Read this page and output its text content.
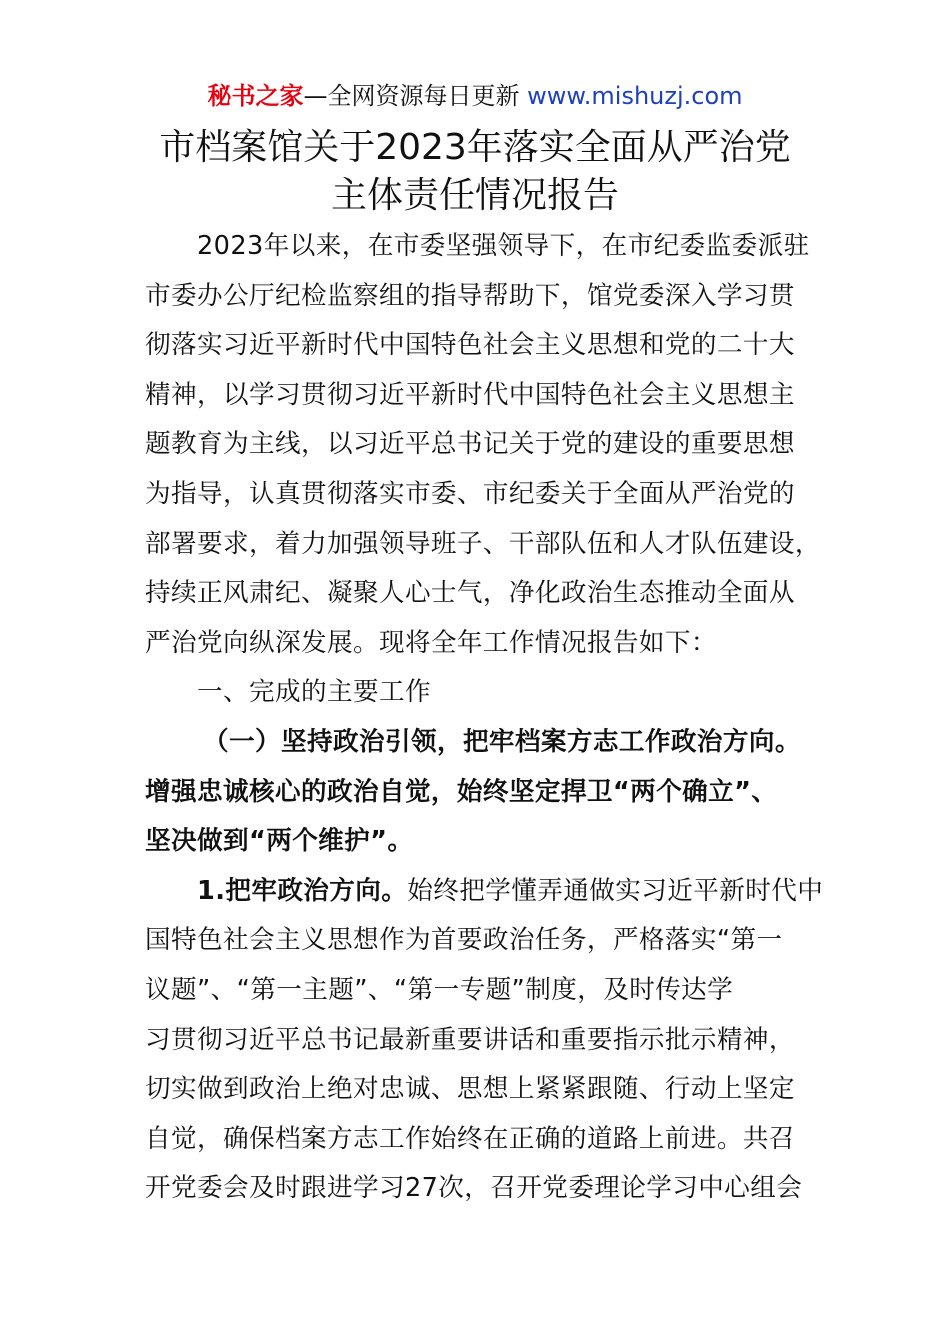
秘书之家—全网资源每日更新 www.mishuzj.com
市档案馆关于2023年落实全面从严治党
主体责任情况报告
2023年以来，在市委坚强领导下，在市纪委监委派驻
市委办公厅纪检监察组的指导帮助下，馆党委深入学习贯
彻落实习近平新时代中国特色社会主义思想和党的二十大
精神，以学习贯彻习近平新时代中国特色社会主义思想主
题教育为主线，以习近平总书记关于党的建设的重要思想
为指导，认真贯彻落实市委、市纪委关于全面从严治党的
部署要求，着力加强领导班子、干部队伍和人才队伍建设，
持续正风肃纪、凝聚人心士气，净化政治生态推动全面从
严治党向纵深发展。现将全年工作情况报告如下：
一、完成的主要工作
（一）坚持政治引领，把牢档案方志工作政治方向。
增强忠诚核心的政治自觉，始终坚定捍卫“两个确立”、
坚决做到“两个维护”。
1.把牢政治方向。始终把学懂弄通做实习近平新时代中
国特色社会主义思想作为首要政治任务，严格落实“第一
议题”、“第一主题”、“第一专题”制度，及时传达学
习贯彻习近平总书记最新重要讲话和重要指示批示精神，
切实做到政治上绝对忠诚、思想上紧紧跟随、行动上坚定
自觉，确保档案方志工作始终在正确的道路上前进。共召
开党委会及时跟进学习27次，召开党委理论学习中心组会
